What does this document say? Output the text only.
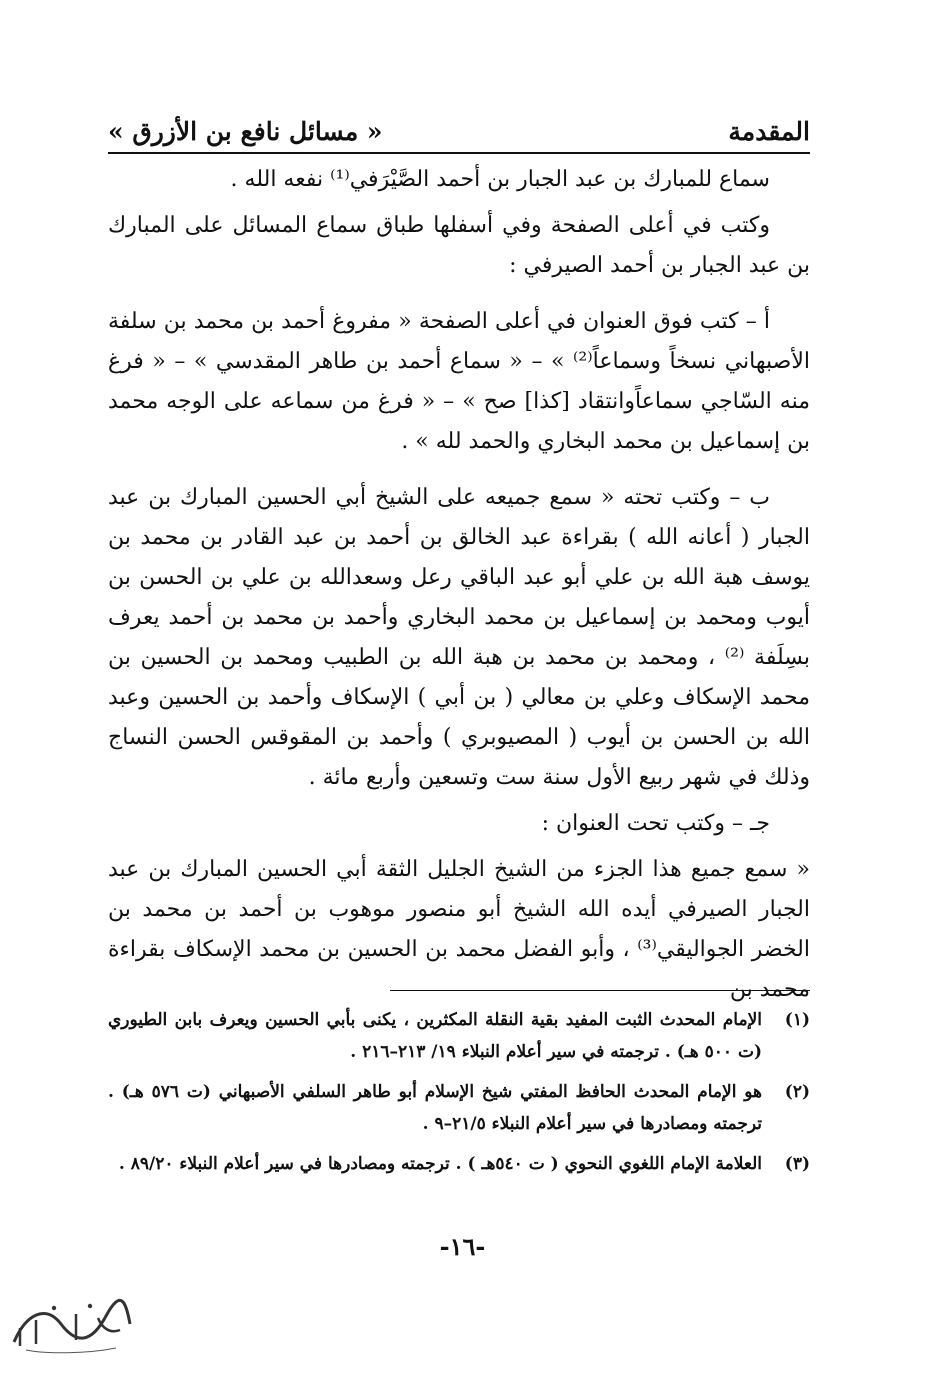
المقدمة
« مسائل نافع بن الأزرق »

سماع للمبارك بن عبد الجبار بن أحمد الصَّيْرَفي⁽¹⁾ نفعه الله .

وكتب في أعلى الصفحة وفي أسفلها طباق سماع المسائل على المبارك بن عبد الجبار بن أحمد الصيرفي :

أ – كتب فوق العنوان في أعلى الصفحة « مفروغ أحمد بن محمد بن سلفة الأصبهاني نسخاً وسماعاً⁽²⁾ » – « سماع أحمد بن طاهر المقدسي » – « فرغ منه السّاجي سماعاًوانتقاد [كذا] صح » – « فرغ من سماعه على الوجه محمد بن إسماعيل بن محمد البخاري والحمد لله » .

ب – وكتب تحته « سمع جميعه على الشيخ أبي الحسين المبارك بن عبد الجبار ( أعانه الله ) بقراءة عبد الخالق بن أحمد بن عبد القادر بن محمد بن يوسف هبة الله بن علي أبو عبد الباقي رعل وسعدالله بن علي بن الحسن بن أيوب ومحمد بن إسماعيل بن محمد البخاري وأحمد بن محمد بن أحمد يعرف بسِلَفة ⁽²⁾ ، ومحمد بن محمد بن هبة الله بن الطبيب ومحمد بن الحسين بن محمد الإسكاف وعلي بن معالي ( بن أبي ) الإسكاف وأحمد بن الحسين وعبد الله بن الحسن بن أيوب ( المصيوبري ) وأحمد بن المقوقس الحسن النساج وذلك في شهر ربيع الأول سنة ست وتسعين وأربع مائة .

جـ – وكتب تحت العنوان :

« سمع جميع هذا الجزء من الشيخ الجليل الثقة أبي الحسين المبارك بن عبد الجبار الصيرفي أيده الله الشيخ أبو منصور موهوب بن أحمد بن محمد بن الخضر الجواليقي⁽³⁾ ، وأبو الفضل محمد بن الحسين بن محمد الإسكاف بقراءة محمد بن

(١)
الإمام المحدث الثبت المفيد بقية النقلة المكثرين ، يكنى بأبي الحسين ويعرف بابن الطيوري (ت ٥٠٠ هـ) . ترجمته في سير أعلام النبلاء ١٩/ ٢١٣–٢١٦ .
(٢)
هو الإمام المحدث الحافظ المفتي شيخ الإسلام أبو طاهر السلفي الأصبهاني (ت ٥٧٦ هـ) . ترجمته ومصادرها في سير أعلام النبلاء ٢١/٥–٩ .
(٣)
العلامة الإمام اللغوي النحوي ( ت ٥٤٠هـ ) . ترجمته ومصادرها في سير أعلام النبلاء ٨٩/٢٠ .
-١٦-
